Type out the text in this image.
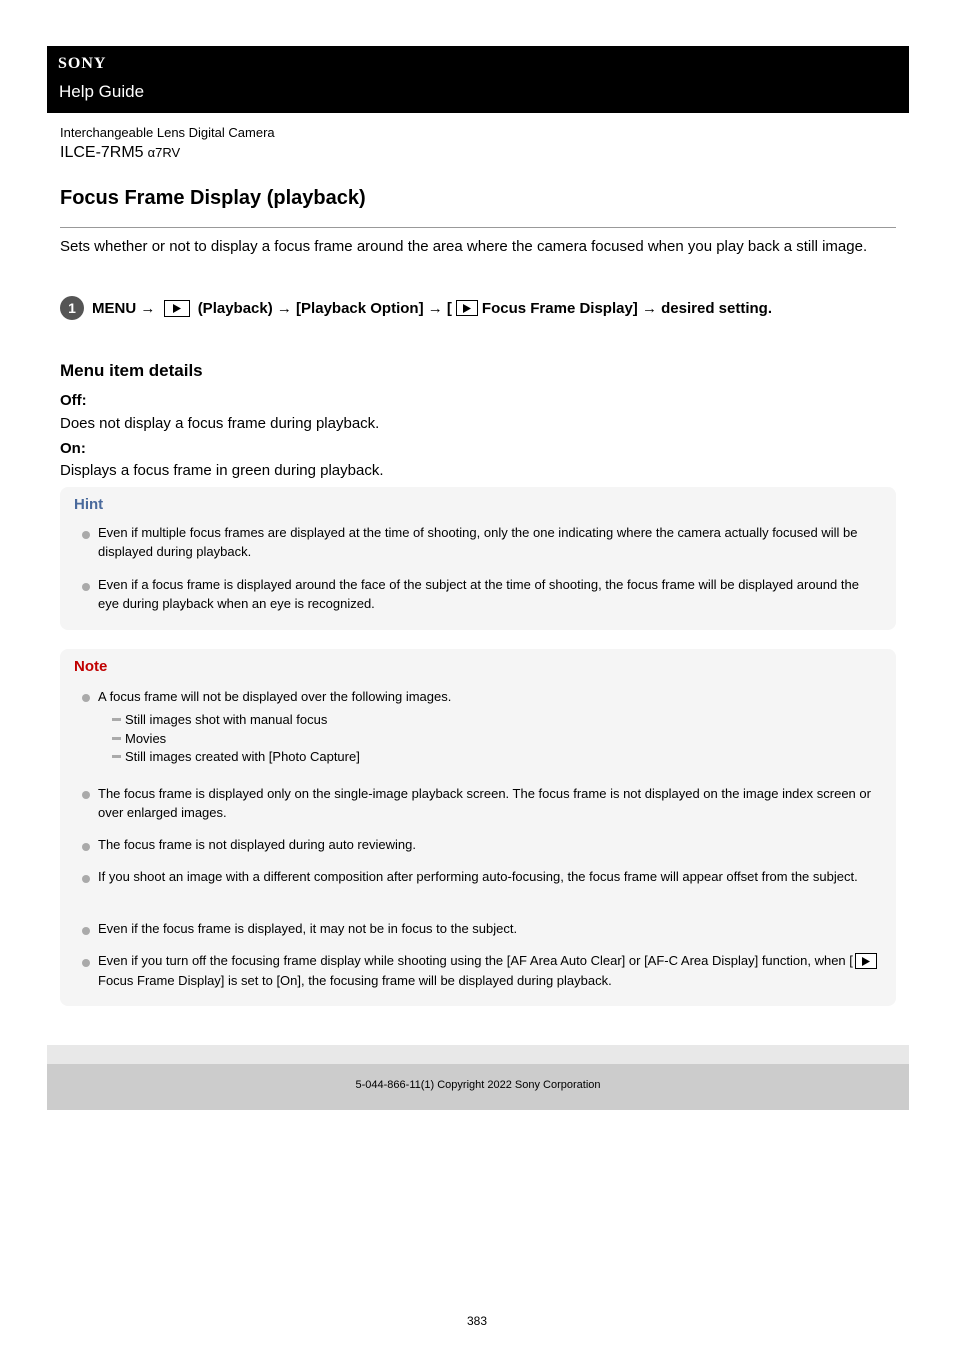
SONY
Help Guide
Interchangeable Lens Digital Camera
ILCE-7RM5 α7RV
Focus Frame Display (playback)
Sets whether or not to display a focus frame around the area where the camera focused when you play back a still image.
1 MENU →	(Playback) → [Playback Option] → [ Focus Frame Display] → desired setting.
Menu item details
Off:
Does not display a focus frame during playback.
On:
Displays a focus frame in green during playback.
Hint
Even if multiple focus frames are displayed at the time of shooting, only the one indicating where the camera actually focused will be displayed during playback.
Even if a focus frame is displayed around the face of the subject at the time of shooting, the focus frame will be displayed around the eye during playback when an eye is recognized.
Note
A focus frame will not be displayed over the following images.
Still images shot with manual focus
Movies
Still images created with [Photo Capture]
The focus frame is displayed only on the single-image playback screen. The focus frame is not displayed on the image index screen or over enlarged images.
The focus frame is not displayed during auto reviewing.
If you shoot an image with a different composition after performing auto-focusing, the focus frame will appear offset from the subject.
Even if the focus frame is displayed, it may not be in focus to the subject.
Even if you turn off the focusing frame display while shooting using the [AF Area Auto Clear] or [AF-C Area Display] function, when [
Focus Frame Display] is set to [On], the focusing frame will be displayed during playback.
5-044-866-11(1) Copyright 2022 Sony Corporation
383
